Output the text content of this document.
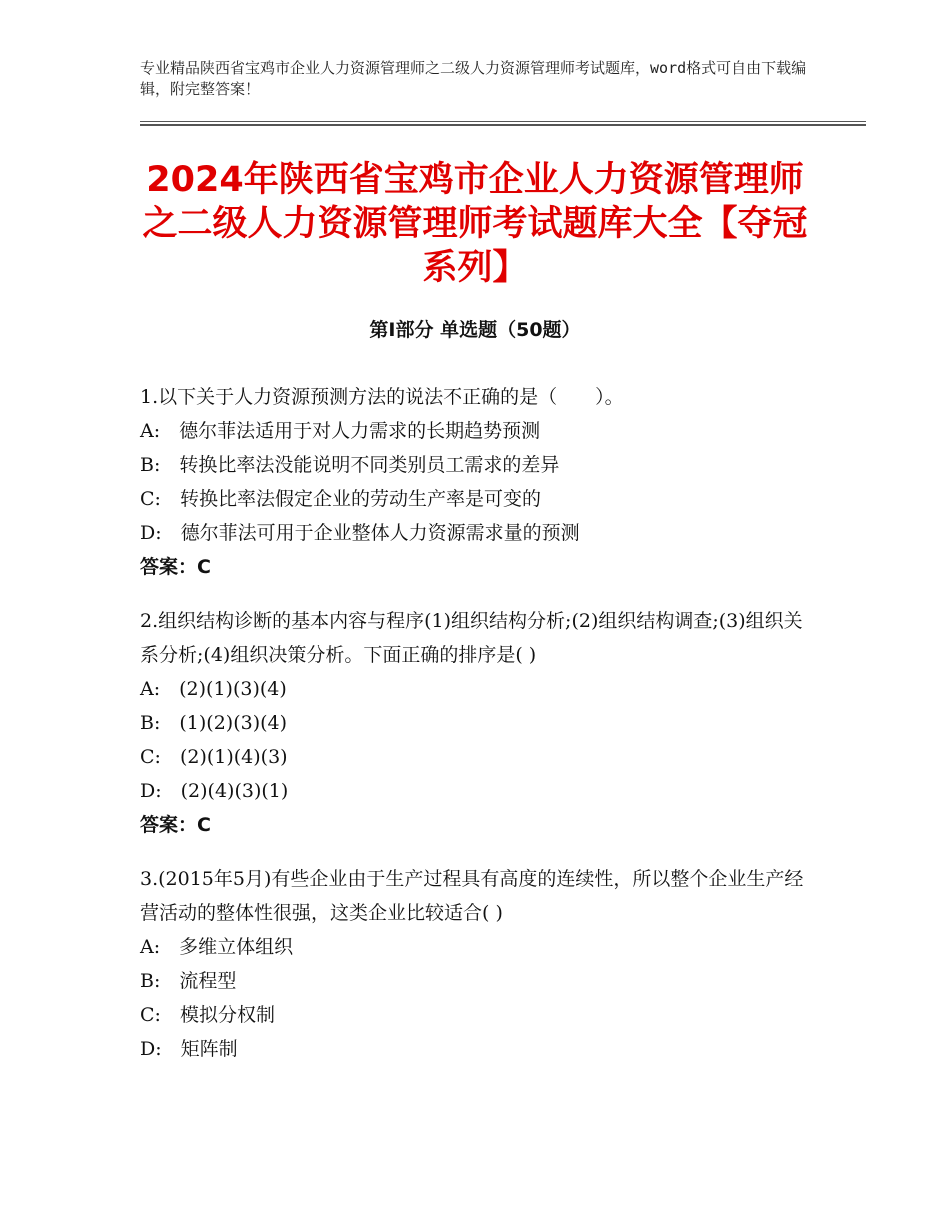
专业精品陕西省宝鸡市企业人力资源管理师之二级人力资源管理师考试题库，word格式可自由下载编辑，附完整答案！
2024年陕西省宝鸡市企业人力资源管理师之二级人力资源管理师考试题库大全【夺冠系列】
第Ⅰ部分 单选题（50题）
1.以下关于人力资源预测方法的说法不正确的是（　　）。
A:　德尔菲法适用于对人力需求的长期趋势预测
B:　转换比率法没能说明不同类别员工需求的差异
C:　转换比率法假定企业的劳动生产率是可变的
D:　德尔菲法可用于企业整体人力资源需求量的预测
答案：C
2.组织结构诊断的基本内容与程序(1)组织结构分析;(2)组织结构调查;(3)组织关系分析;(4)组织决策分析。下面正确的排序是( )
A:　(2)(1)(3)(4)
B:　(1)(2)(3)(4)
C:　(2)(1)(4)(3)
D:　(2)(4)(3)(1)
答案：C
3.(2015年5月)有些企业由于生产过程具有高度的连续性，所以整个企业生产经营活动的整体性很强，这类企业比较适合( )
A:　多维立体组织
B:　流程型
C:　模拟分权制
D:　矩阵制
